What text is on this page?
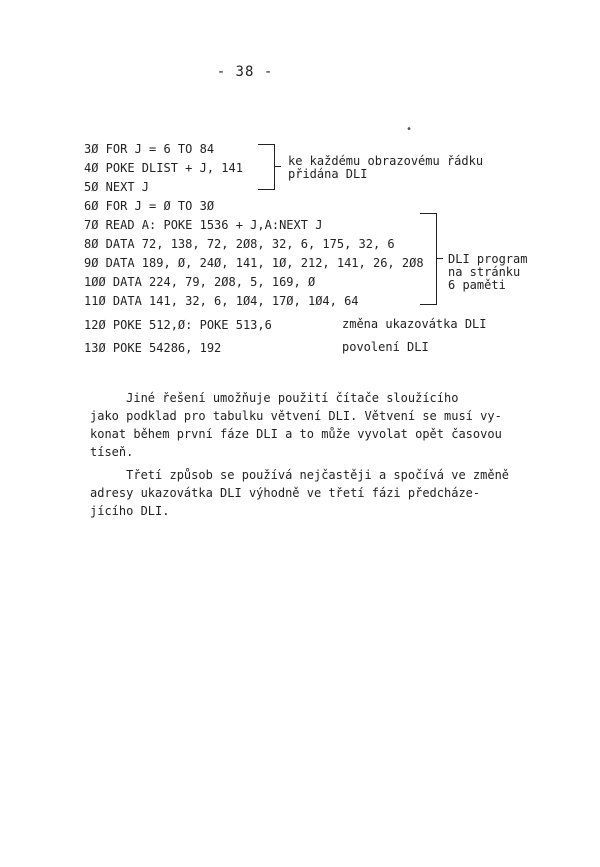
- 38 -
3Ø FOR J = 6 TO 84
4Ø POKE DLIST + J, 141
5Ø NEXT J
6Ø FOR J = Ø TO 3Ø
7Ø READ A: POKE 1536 + J,A:NEXT J
8Ø DATA 72, 138, 72, 2Ø8, 32, 6, 175, 32, 6
9Ø DATA 189, Ø, 24Ø, 141, 1Ø, 212, 141, 26, 2Ø8
1ØØ DATA 224, 79, 2Ø8, 5, 169, Ø
11Ø DATA 141, 32, 6, 1Ø4, 17Ø, 1Ø4, 64
12Ø POKE 512,Ø: POKE 513,6
13Ø POKE 54286, 192
ke každému obrazovému řádku
přidána DLI
DLI program
na stránku
6 paměti
změna ukazovátka DLI
povolení DLI
Jiné řešení umožňuje použití čítače sloužícího
jako podklad pro tabulku větvení DLI. Větvení se musí vy-
konat během první fáze DLI a to může vyvolat opět časovou
tíseň.
Třetí způsob se používá nejčastěji a spočívá ve změně
adresy ukazovátka DLI výhodně ve třetí fázi předcháze-
jícího DLI.
•
